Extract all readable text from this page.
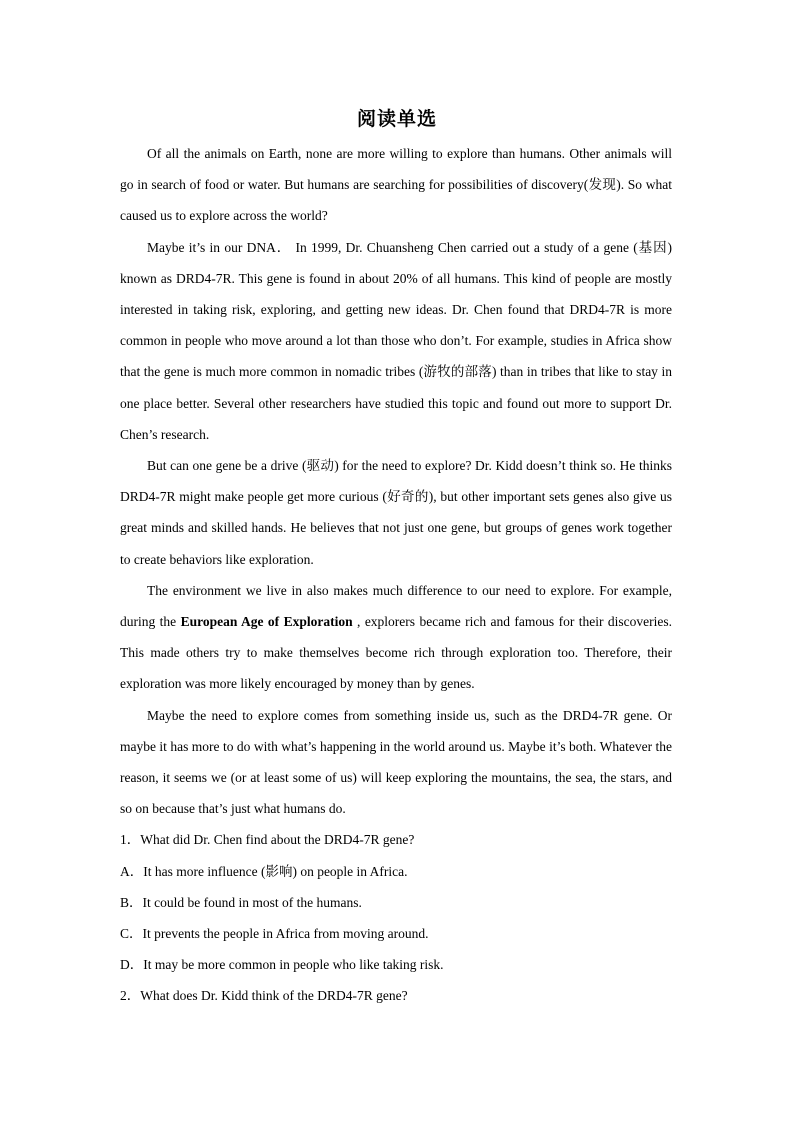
阅读单选

Of all the animals on Earth, none are more willing to explore than humans. Other animals will go in search of food or water. But humans are searching for possibilities of discovery(发现). So what caused us to explore across the world?

Maybe it’s in our DNA． In 1999, Dr. Chuansheng Chen carried out a study of a gene (基因) known as DRD4-7R. This gene is found in about 20% of all humans. This kind of people are mostly interested in taking risk, exploring, and getting new ideas. Dr. Chen found that DRD4-7R is more common in people who move around a lot than those who don’t. For example, studies in Africa show that the gene is much more common in nomadic tribes (游牧的部落) than in tribes that like to stay in one place better. Several other researchers have studied this topic and found out more to support Dr. Chen’s research.

But can one gene be a drive (驱动) for the need to explore? Dr. Kidd doesn’t think so. He thinks DRD4-7R might make people get more curious (好奇的), but other important sets genes also give us great minds and skilled hands. He believes that not just one gene, but groups of genes work together to create behaviors like exploration.

The environment we live in also makes much difference to our need to explore. For example, during the European Age of Exploration , explorers became rich and famous for their discoveries. This made others try to make themselves become rich through exploration too. Therefore, their exploration was more likely encouraged by money than by genes.

Maybe the need to explore comes from something inside us, such as the DRD4-7R gene. Or maybe it has more to do with what’s happening in the world around us. Maybe it’s both. Whatever the reason, it seems we (or at least some of us) will keep exploring the mountains, the sea, the stars, and so on because that’s just what humans do.

1．What did Dr. Chen find about the DRD4-7R gene?

A．It has more influence (影响) on people in Africa.

B．It could be found in most of the humans.

C．It prevents the people in Africa from moving around.

D．It may be more common in people who like taking risk.

2．What does Dr. Kidd think of the DRD4-7R gene?
